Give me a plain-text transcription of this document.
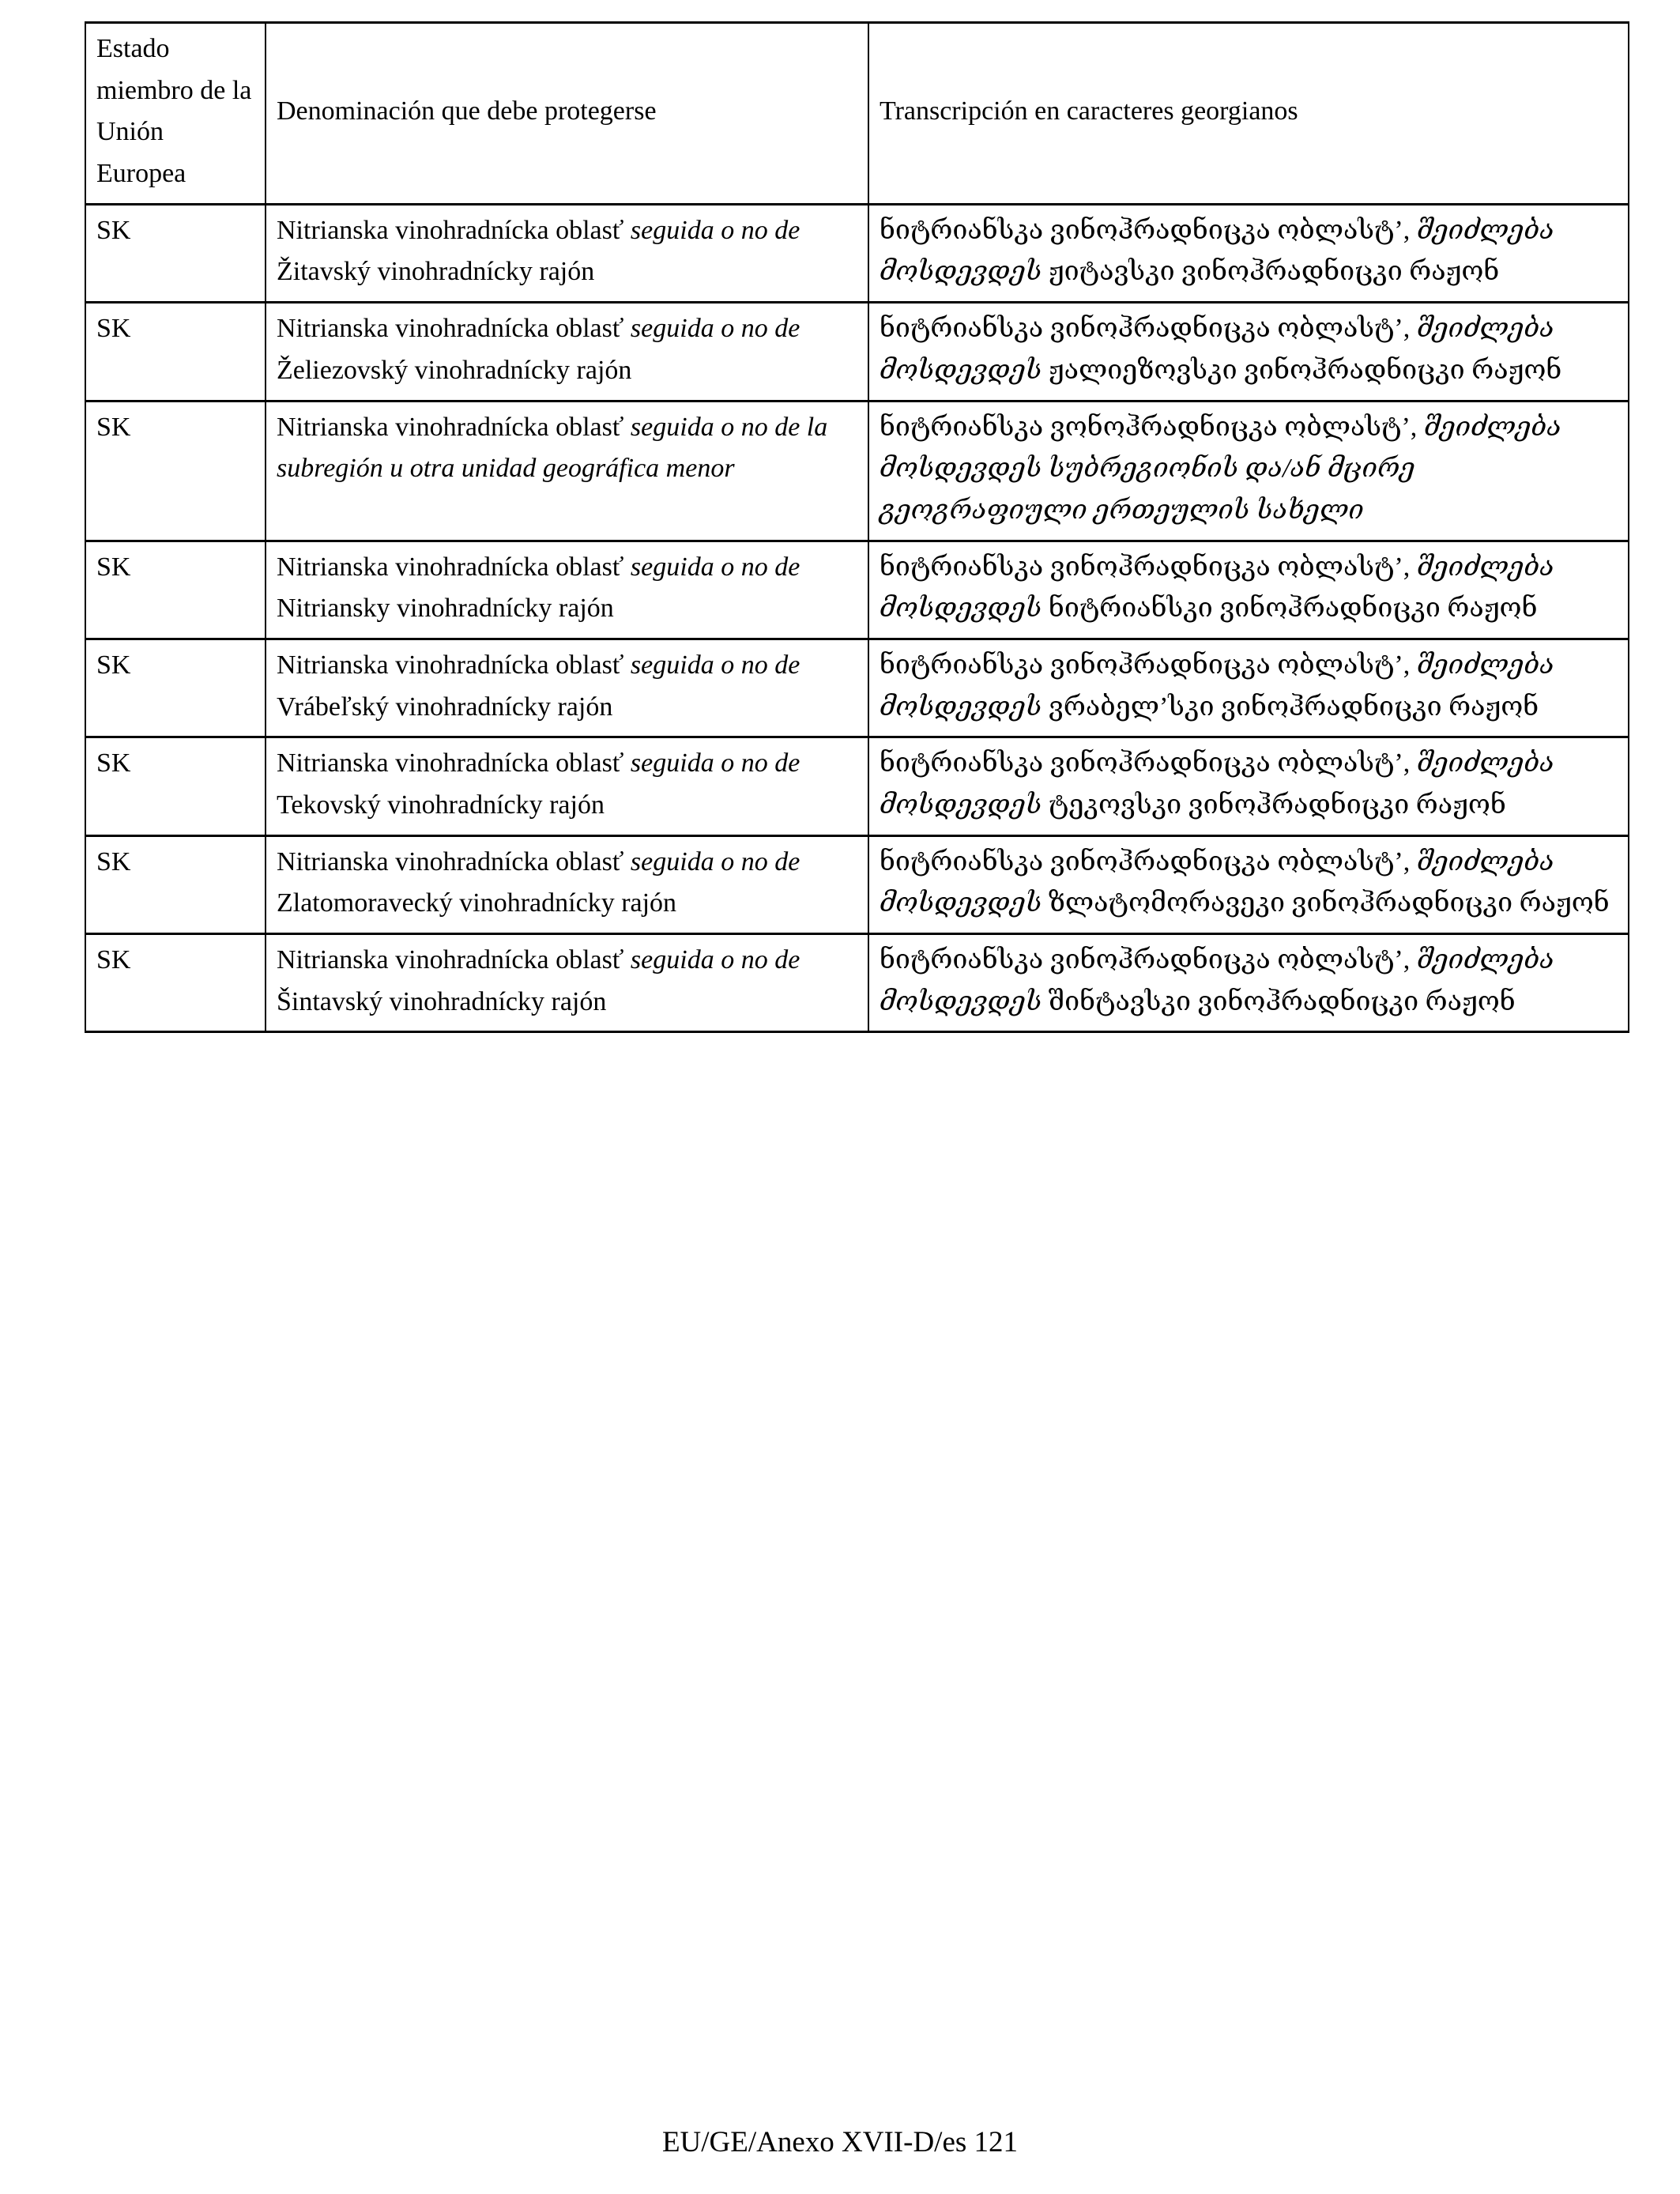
Estado miembro de la Unión Europea	Denominación que debe protegerse	Transcripción en caracteres georgianos
SK	Nitrianska vinohradnícka oblasť seguida o no de Žitavský vinohradnícky rajón	ნიტრიანსკა ვინოჰრადნიცკა ობლასტ’, შეიძლება მოსდევდეს ჟიტავსკი ვინოჰრადნიცკი რაჟონ
SK	Nitrianska vinohradnícka oblasť seguida o no de Želiezovský vinohradnícky rajón	ნიტრიანსკა ვინოჰრადნიცკა ობლასტ’, შეიძლება მოსდევდეს ჟალიეზოვსკი ვინოჰრადნიცკი რაჟონ
SK	Nitrianska vinohradnícka oblasť seguida o no de la subregión u otra unidad geográfica menor	ნიტრიანსკა ვონოჰრადნიცკა ობლასტ’, შეიძლება მოსდევდეს სუბრეგიონის და/ან მცირე გეოგრაფიული ერთეულის სახელი
SK	Nitrianska vinohradnícka oblasť seguida o no de Nitriansky vinohradnícky rajón	ნიტრიანსკა ვინოჰრადნიცკა ობლასტ’, შეიძლება მოსდევდეს ნიტრიანსკი ვინოჰრადნიცკი რაჟონ
SK	Nitrianska vinohradnícka oblasť seguida o no de Vrábeľský vinohradnícky rajón	ნიტრიანსკა ვინოჰრადნიცკა ობლასტ’, შეიძლება მოსდევდეს ვრაბელ’სკი ვინოჰრადნიცკი რაჟონ
SK	Nitrianska vinohradnícka oblasť seguida o no de Tekovský vinohradnícky rajón	ნიტრიანსკა ვინოჰრადნიცკა ობლასტ’, შეიძლება მოსდევდეს ტეკოვსკი ვინოჰრადნიცკი რაჟონ
SK	Nitrianska vinohradnícka oblasť seguida o no de Zlatomoravecký vinohradnícky rajón	ნიტრიანსკა ვინოჰრადნიცკა ობლასტ’, შეიძლება მოსდევდეს ზლატომორავეკი ვინოჰრადნიცკი რაჟონ
SK	Nitrianska vinohradnícka oblasť seguida o no de Šintavský vinohradnícky rajón	ნიტრიანსკა ვინოჰრადნიცკა ობლასტ’, შეიძლება მოსდევდეს შინტავსკი ვინოჰრადნიცკი რაჟონ
EU/GE/Anexo XVII-D/es 121
